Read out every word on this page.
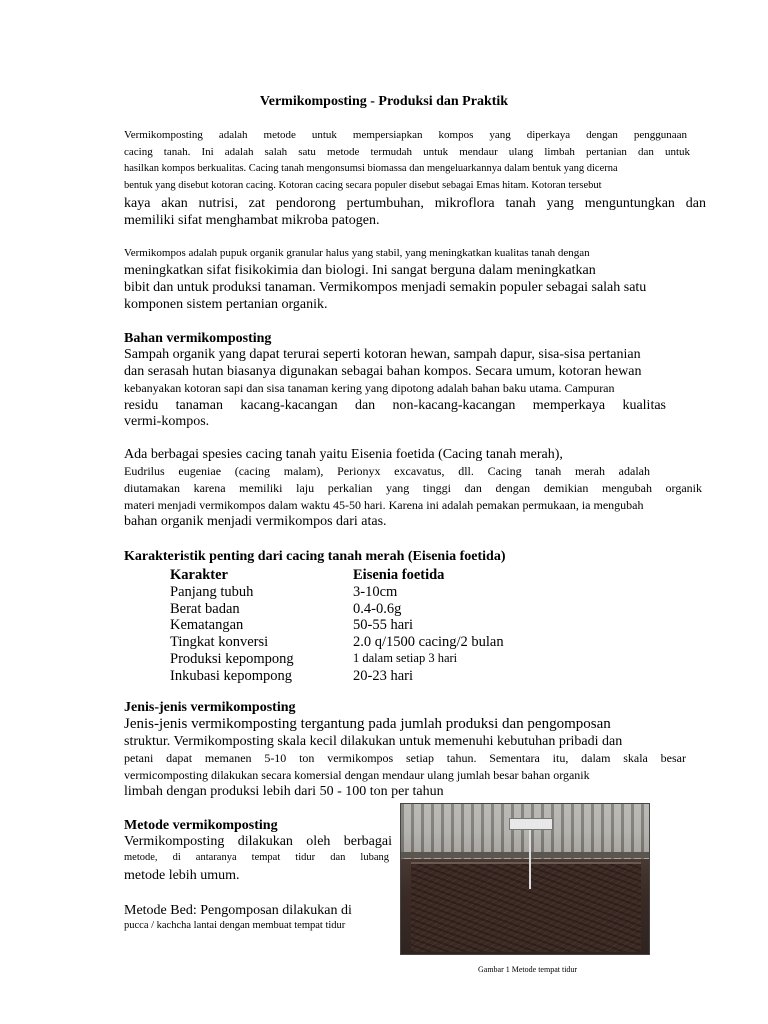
Vermikomposting - Produksi dan Praktik
Vermikomposting adalah metode untuk mempersiapkan kompos yang diperkaya dengan penggunaan
cacing tanah. Ini adalah salah satu metode termudah untuk mendaur ulang limbah pertanian dan untuk
hasilkan kompos berkualitas. Cacing tanah mengonsumsi biomassa dan mengeluarkannya dalam bentuk yang dicerna
bentuk yang disebut kotoran cacing. Kotoran cacing secara populer disebut sebagai Emas hitam. Kotoran tersebut
kaya akan nutrisi, zat pendorong pertumbuhan, mikroflora tanah yang menguntungkan dan
memiliki sifat menghambat mikroba patogen.
Vermikompos adalah pupuk organik granular halus yang stabil, yang meningkatkan kualitas tanah dengan
meningkatkan sifat fisikokimia dan biologi. Ini sangat berguna dalam meningkatkan
bibit dan untuk produksi tanaman. Vermikompos menjadi semakin populer sebagai salah satu
komponen sistem pertanian organik.
Bahan vermikomposting
Sampah organik yang dapat terurai seperti kotoran hewan, sampah dapur, sisa-sisa pertanian
dan serasah hutan biasanya digunakan sebagai bahan kompos. Secara umum, kotoran hewan
kebanyakan kotoran sapi dan sisa tanaman kering yang dipotong adalah bahan baku utama. Campuran
residu tanaman kacang-kacangan dan non-kacang-kacangan memperkaya kualitas
vermi-kompos.
Ada berbagai spesies cacing tanah yaitu Eisenia foetida (Cacing tanah merah),
Eudrilus eugeniae (cacing malam), Perionyx excavatus, dll. Cacing tanah merah adalah
diutamakan karena memiliki laju perkalian yang tinggi dan dengan demikian mengubah organik
materi menjadi vermikompos dalam waktu 45-50 hari. Karena ini adalah pemakan permukaan, ia mengubah
bahan organik menjadi vermikompos dari atas.
Karakteristik penting dari cacing tanah merah (Eisenia foetida)
Karakter	Eisenia foetida
Panjang tubuh	3-10cm
Berat badan	0.4-0.6g
Kematangan	50-55 hari
Tingkat konversi	2.0 q/1500 cacing/2 bulan
Produksi kepompong	1 dalam setiap 3 hari
Inkubasi kepompong	20-23 hari
Jenis-jenis vermikomposting
Jenis-jenis vermikomposting tergantung pada jumlah produksi dan pengomposan
struktur. Vermikomposting skala kecil dilakukan untuk memenuhi kebutuhan pribadi dan
petani dapat memanen 5-10 ton vermikompos setiap tahun. Sementara itu, dalam skala besar
vermicomposting dilakukan secara komersial dengan mendaur ulang jumlah besar bahan organik
limbah dengan produksi lebih dari 50 - 100 ton per tahun
Metode vermikomposting
Vermikomposting dilakukan oleh berbagai
metode, di antaranya tempat tidur dan lubang
metode lebih umum.
Metode Bed: Pengomposan dilakukan di
pucca / kachcha lantai dengan membuat tempat tidur
Gambar 1 Metode tempat tidur
